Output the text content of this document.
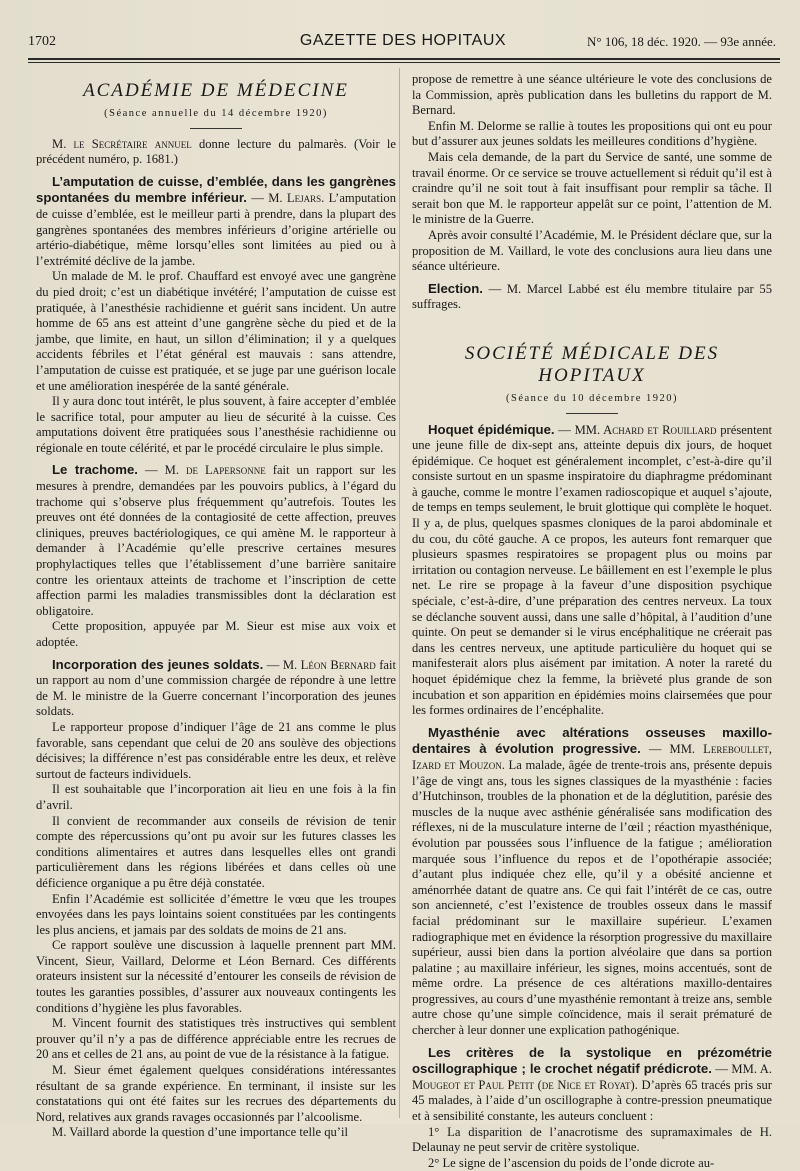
1702	GAZETTE DES HOPITAUX	N° 106, 18 déc. 1920. — 93e année.
ACADÉMIE DE MÉDECINE
(Séance annuelle du 14 décembre 1920)

M. le Secrétaire annuel donne lecture du palmarès. (Voir le précédent numéro, p. 1681.)

L’amputation de cuisse, d’emblée, dans les gangrènes spontanées du membre inférieur. — M. Lejars. L’amputation de cuisse d’emblée, est le meilleur parti à prendre, dans la plupart des gangrènes spontanées des membres inférieurs d’origine artérielle ou artério-diabétique, même lorsqu’elles sont limitées au pied ou à l’extrémité déclive de la jambe.

Un malade de M. le prof. Chauffard est envoyé avec une gangrène du pied droit; c’est un diabétique invétéré; l’amputation de cuisse est pratiquée, à l’anesthésie rachidienne et guérit sans incident. Un autre homme de 65 ans est atteint d’une gangrène sèche du pied et de la jambe, que limite, en haut, un sillon d’élimination; il y a quelques accidents fébriles et l’état général est mauvais : sans attendre, l’amputation de cuisse est pratiquée, et se juge par une guérison locale et une amélioration inespérée de la santé générale.

Il y aura donc tout intérêt, le plus souvent, à faire accepter d’emblée le sacrifice total, pour amputer au lieu de sécurité à la cuisse. Ces amputations doivent être pratiquées sous l’anesthésie rachidienne ou régionale en toute célérité, et par le procédé circulaire le plus simple.

Le trachome. — M. de Lapersonne fait un rapport sur les mesures à prendre, demandées par les pouvoirs publics, à l’égard du trachome qui s’observe plus fréquemment qu’autrefois. Toutes les preuves ont été données de la contagiosité de cette affection, preuves cliniques, preuves bactériologiques, ce qui amène M. le rapporteur à demander à l’Académie qu’elle prescrive certaines mesures prophylactiques telles que l’établissement d’une barrière sanitaire contre les orientaux atteints de trachome et l’inscription de cette affection parmi les maladies transmissibles dont la déclaration est obligatoire.

Cette proposition, appuyée par M. Sieur est mise aux voix et adoptée.

Incorporation des jeunes soldats. — M. Léon Bernard fait un rapport au nom d’une commission chargée de répondre à une lettre de M. le ministre de la Guerre concernant l’incorporation des jeunes soldats.

Le rapporteur propose d’indiquer l’âge de 21 ans comme le plus favorable, sans cependant que celui de 20 ans soulève des objections décisives; la différence n’est pas considérable entre les deux, et relève surtout de facteurs individuels.

Il est souhaitable que l’incorporation ait lieu en une fois à la fin d’avril.

Il convient de recommander aux conseils de révision de tenir compte des répercussions qu’ont pu avoir sur les futures classes les conditions alimentaires et autres dans lesquelles elles ont grandi particulièrement dans les régions libérées et dans celles où une déficience organique a pu être déjà constatée.

Enfin l’Académie est sollicitée d’émettre le vœu que les troupes envoyées dans les pays lointains soient constituées par les contingents les plus anciens, et jamais par des soldats de moins de 21 ans.

Ce rapport soulève une discussion à laquelle prennent part MM. Vincent, Sieur, Vaillard, Delorme et Léon Bernard. Ces différents orateurs insistent sur la nécessité d’entourer les conseils de révision de toutes les garanties possibles, d’assurer aux nouveaux contingents les conditions d’hygiène les plus favorables.

M. Vincent fournit des statistiques très instructives qui semblent prouver qu’il n’y a pas de différence appréciable entre les recrues de 20 ans et celles de 21 ans, au point de vue de la résistance à la fatigue.

M. Sieur émet également quelques considérations intéressantes résultant de sa grande expérience. En terminant, il insiste sur les constatations qui ont été faites sur les recrues des départements du Nord, relatives aux grands ravages occasionnés par l’alcoolisme.

M. Vaillard aborde la question d’une importance telle qu’il

propose de remettre à une séance ultérieure le vote des conclusions de la Commission, après publication dans les bulletins du rapport de M. Bernard.

Enfin M. Delorme se rallie à toutes les propositions qui ont eu pour but d’assurer aux jeunes soldats les meilleures conditions d’hygiène.

Mais cela demande, de la part du Service de santé, une somme de travail énorme. Or ce service se trouve actuellement si réduit qu’il est à craindre qu’il ne soit tout à fait insuffisant pour remplir sa tâche. Il serait bon que M. le rapporteur appelât sur ce point, l’attention de M. le ministre de la Guerre.

Après avoir consulté l’Académie, M. le Président déclare que, sur la proposition de M. Vaillard, le vote des conclusions aura lieu dans une séance ultérieure.

Election. — M. Marcel Labbé est élu membre titulaire par 55 suffrages.

SOCIÉTÉ MÉDICALE DES HOPITAUX
(Séance du 10 décembre 1920)

Hoquet épidémique. — MM. Achard et Rouillard présentent une jeune fille de dix-sept ans, atteinte depuis dix jours, de hoquet épidémique. Ce hoquet est généralement incomplet, c’est-à-dire qu’il consiste surtout en un spasme inspiratoire du diaphragme prédominant à gauche, comme le montre l’examen radioscopique et auquel s’ajoute, de temps en temps seulement, le bruit glottique qui complète le hoquet. Il y a, de plus, quelques spasmes cloniques de la paroi abdominale et du cou, du côté gauche. A ce propos, les auteurs font remarquer que plusieurs spasmes respiratoires se propagent plus ou moins par irritation ou contagion nerveuse. Le bâillement en est l’exemple le plus net. Le rire se propage à la faveur d’une disposition psychique spéciale, c’est-à-dire, d’une préparation des centres nerveux. La toux se déclanche souvent aussi, dans une salle d’hôpital, à l’audition d’une quinte. On peut se demander si le virus encéphalitique ne créerait pas dans les centres nerveux, une aptitude particulière du hoquet qui se manifesterait alors plus aisément par imitation. A noter la rareté du hoquet épidémique chez la femme, la brièveté plus grande de son incubation et son apparition en épidémies moins clairsemées que pour les formes ordinaires de l’encéphalite.

Myasthénie avec altérations osseuses maxillo-dentaires à évolution progressive. — MM. Lereboullet, Izard et Mouzon. La malade, âgée de trente-trois ans, présente depuis l’âge de vingt ans, tous les signes classiques de la myasthénie : facies d’Hutchinson, troubles de la phonation et de la déglutition, parésie des muscles de la nuque avec asthénie généralisée sans modification des réflexes, ni de la musculature interne de l’œil ; réaction myasthénique, évolution par poussées sous l’influence de la fatigue ; amélioration marquée sous l’influence du repos et de l’opothérapie associée; d’autant plus indiquée chez elle, qu’il y a obésité ancienne et aménorrhée datant de quatre ans. Ce qui fait l’intérêt de ce cas, outre son ancienneté, c’est l’existence de troubles osseux dans le massif facial prédominant sur le maxillaire supérieur. L’examen radiographique met en évidence la résorption progressive du maxillaire supérieur, aussi bien dans la portion alvéolaire que dans sa portion palatine ; au maxillaire inférieur, les signes, moins accentués, sont de même ordre. La présence de ces altérations maxillo-dentaires progressives, au cours d’une myasthénie remontant à treize ans, semble autre chose qu’une simple coïncidence, mais il serait prématuré de chercher à leur donner une explication pathogénique.

Les critères de la systolique en prézométrie oscillographique ; le crochet négatif prédicrote. — MM. A. Mougeot et Paul Petit (de Nice et Royat). D’après 65 tracés pris sur 45 malades, à l’aide d’un oscillographe à contre-pression pneumatique et à sensibilité constante, les auteurs concluent :

1° La disparition de l’anacrotisme des supramaximales de H. Delaunay ne peut servir de critère systolique.

2° Le signe de l’ascension du poids de l’onde dicrote au-
